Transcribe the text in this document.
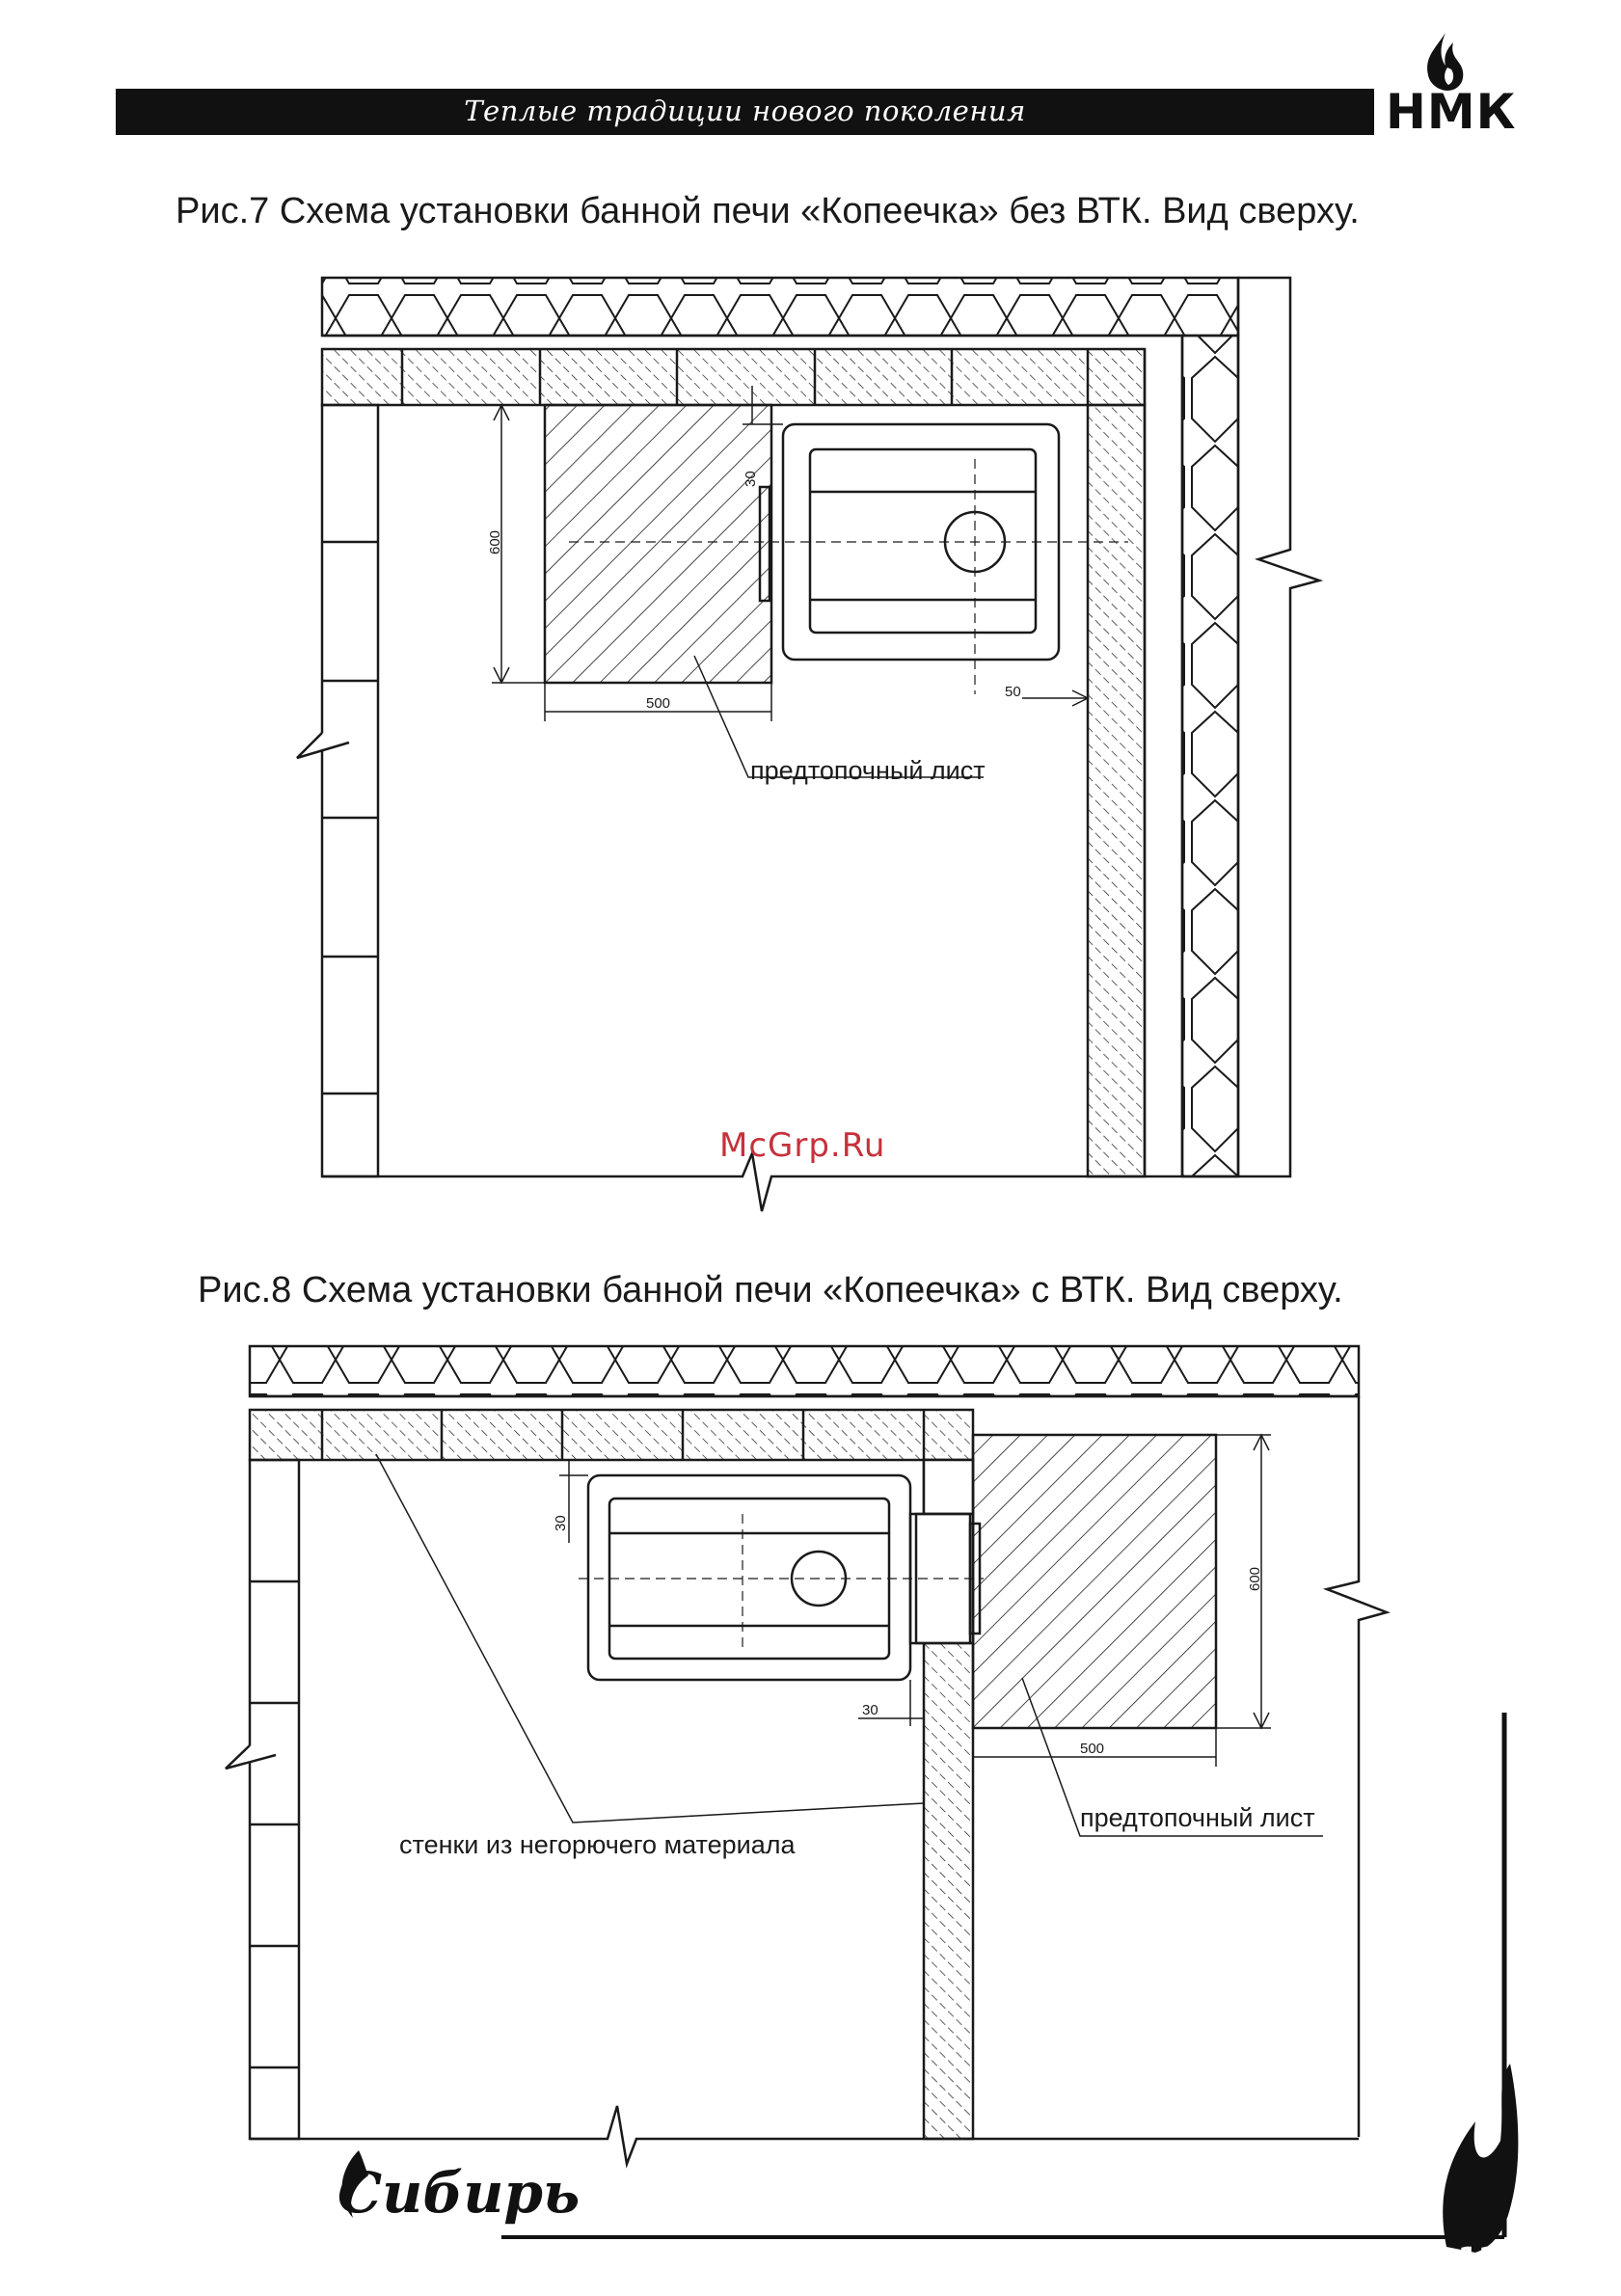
Теплые традиции нового поколения	НМК
Рис.7 Схема установки банной печи «Копеечка» без ВТК. Вид сверху.
Рис.8 Схема установки банной печи «Копеечка» с ВТК. Вид сверху.
600
500
30
50
30
30
600
500
предтопочный лист
стенки из негорючего материала
предтопочный лист
McGrp.Ru
Сибирь
11
